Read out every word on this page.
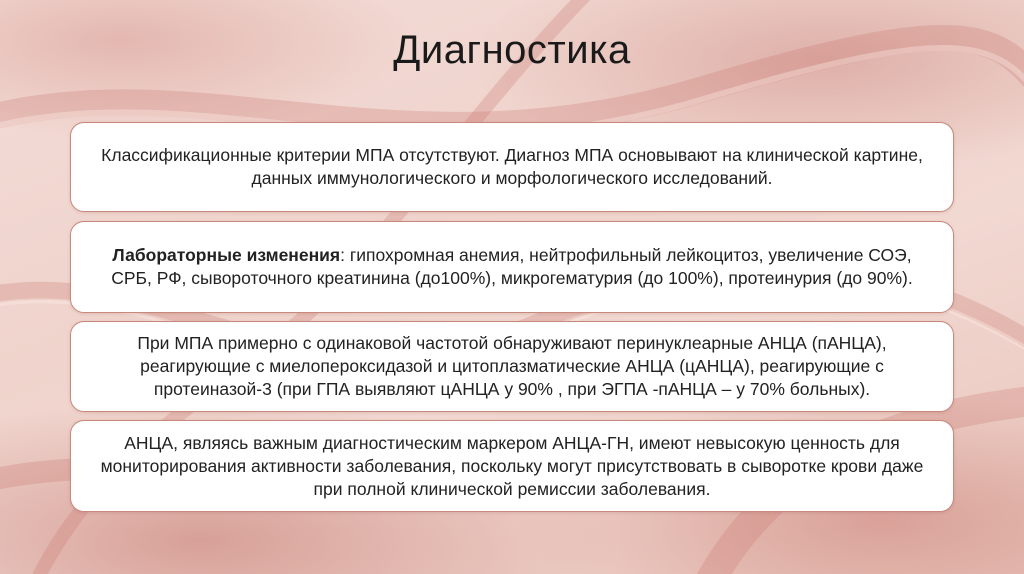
Диагностика

Классификационные критерии МПА отсутствуют. Диагноз МПА основывают на клинической картине, данных иммунологического и морфологического исследований.

Лабораторные изменения: гипохромная анемия, нейтрофильный лейкоцитоз, увеличение СОЭ, СРБ, РФ, сывороточного креатинина (до100%), микрогематурия (до 100%), протеинурия (до 90%).

При МПА примерно с одинаковой частотой обнаруживают перинуклеарные АНЦА (пАНЦА), реагирующие с миелопероксидазой и цитоплазматические АНЦА (цАНЦА), реагирующие с протеиназой-3 (при ГПА выявляют цАНЦА у 90% , при ЭГПА -пАНЦА – у 70% больных).

АНЦА, являясь важным диагностическим маркером АНЦА-ГН, имеют невысокую ценность для мониторирования активности заболевания, поскольку могут присутствовать в сыворотке крови даже при полной клинической ремиссии заболевания.
